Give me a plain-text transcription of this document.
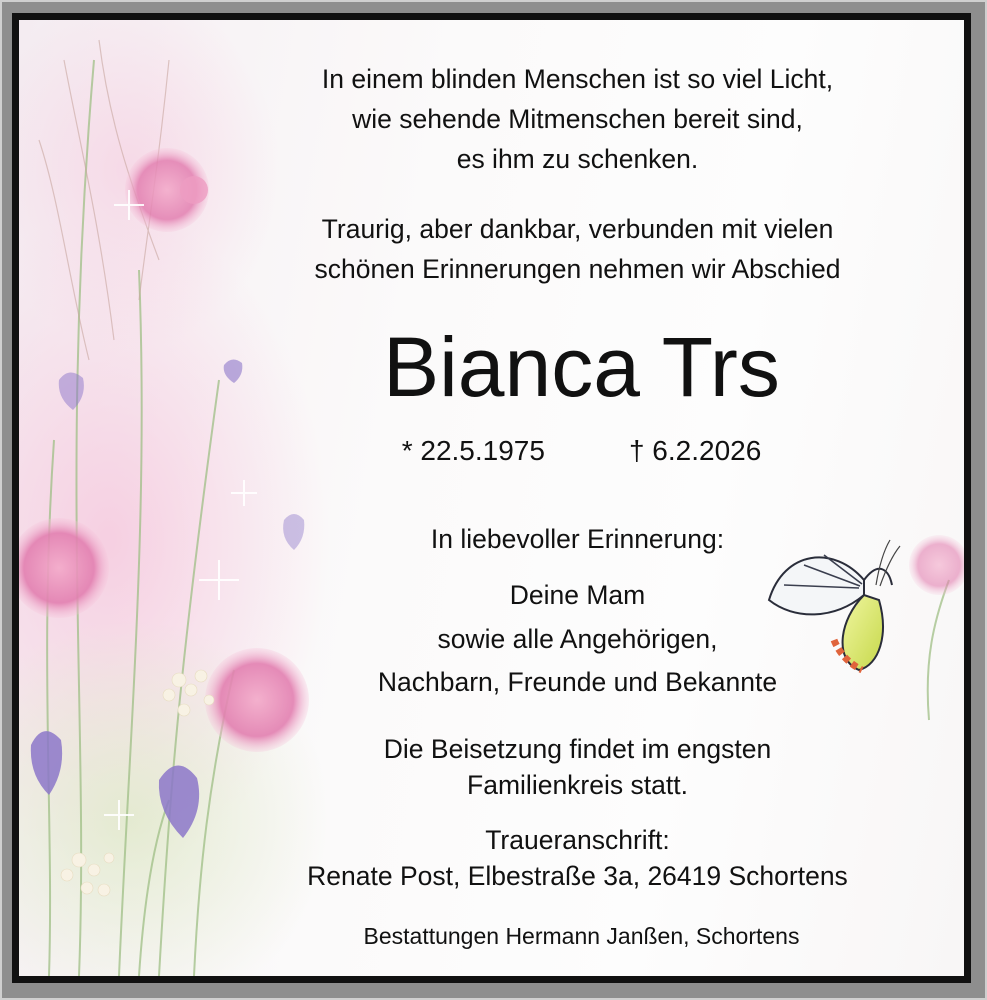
In einem blinden Menschen ist so viel Licht,
wie sehende Mitmenschen bereit sind,
es ihm zu schenken.
Traurig, aber dankbar, verbunden mit vielen
schönen Erinnerungen nehmen wir Abschied
Bianca Trs
* 22.5.1975	† 6.2.2026
In liebevoller Erinnerung:
Deine Mam
sowie alle Angehörigen,
Nachbarn, Freunde und Bekannte
Die Beisetzung findet im engsten
Familienkreis statt.
Traueranschrift:
Renate Post, Elbestraße 3a, 26419 Schortens
Bestattungen Hermann Janßen, Schortens
